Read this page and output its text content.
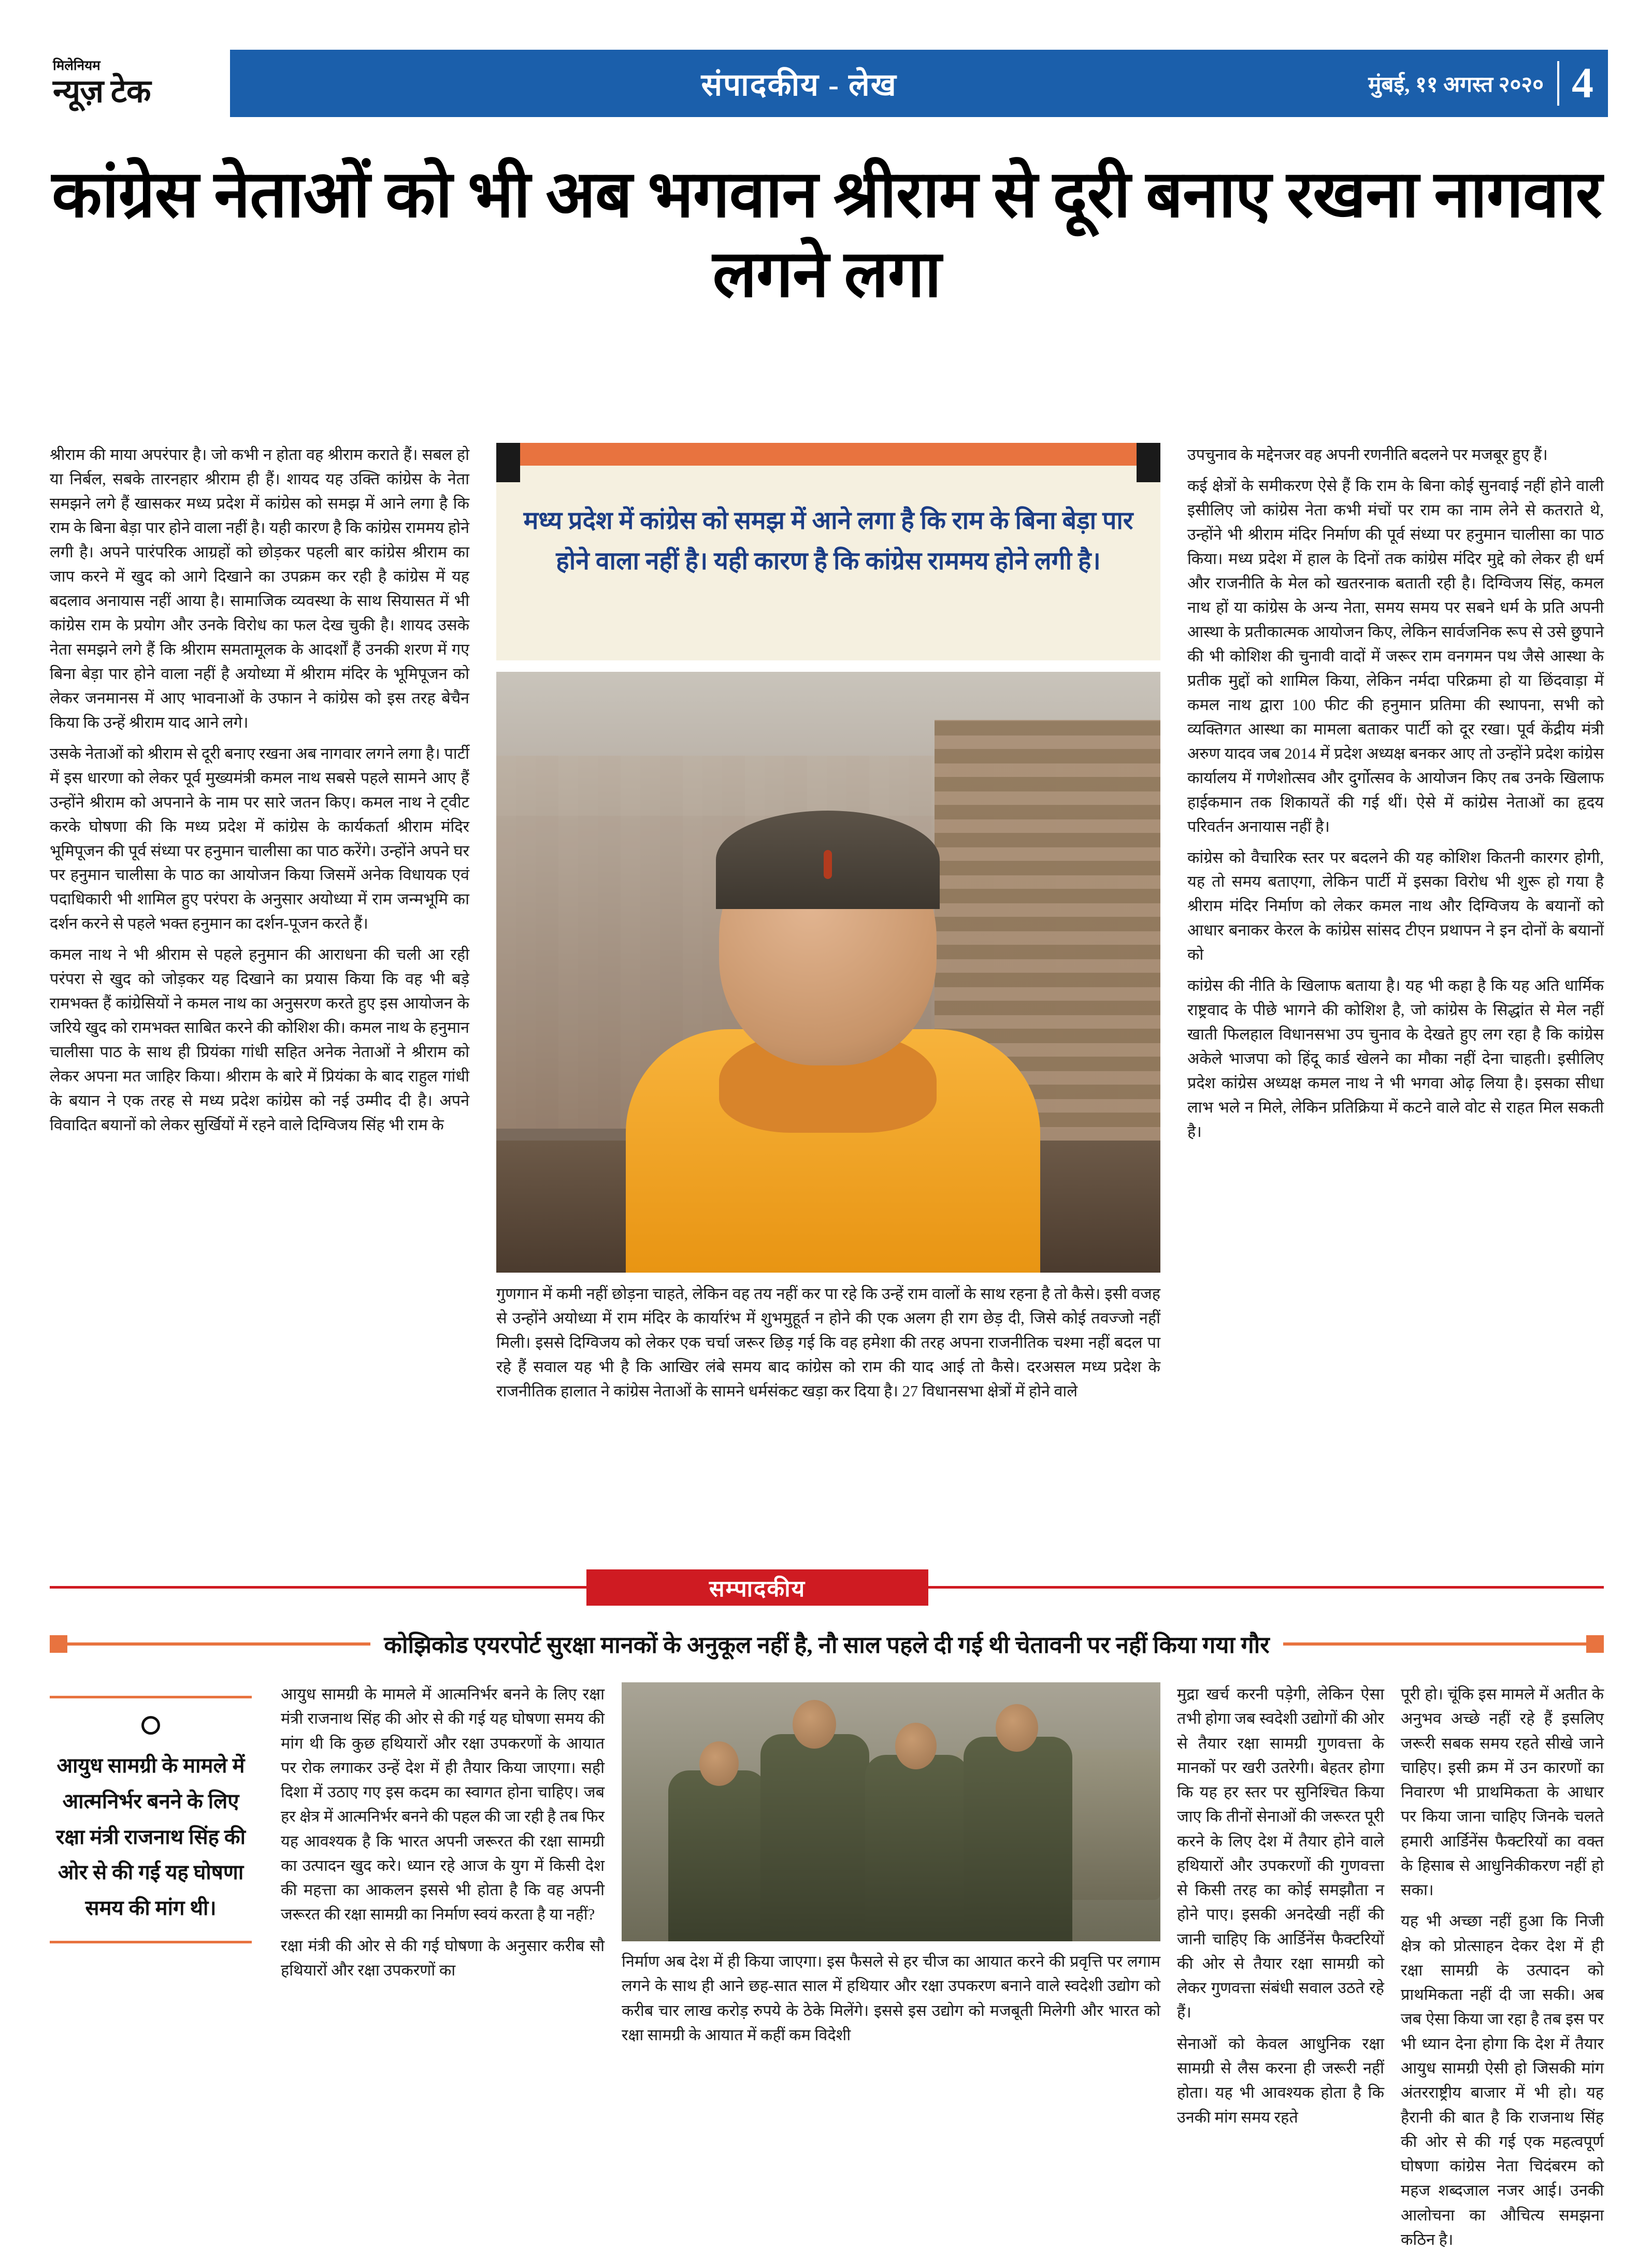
मिलेनियम
न्यूज़ टेक	संपादकीय - लेख	मुंबई, ११ अगस्त २०२० 4
कांग्रेस नेताओं को भी अब भगवान श्रीराम से दूरी बनाए रखना नागवार लगने लगा

श्रीराम की माया अपरंपार है। जो कभी न होता वह श्रीराम कराते हैं। सबल हो या निर्बल, सबके तारनहार श्रीराम ही हैं। शायद यह उक्ति कांग्रेस के नेता समझने लगे हैं खासकर मध्य प्रदेश में कांग्रेस को समझ में आने लगा है कि राम के बिना बेड़ा पार होने वाला नहीं है। यही कारण है कि कांग्रेस राममय होने लगी है। अपने पारंपरिक आग्रहों को छोड़कर पहली बार कांग्रेस श्रीराम का जाप करने में खुद को आगे दिखाने का उपक्रम कर रही है कांग्रेस में यह बदलाव अनायास नहीं आया है। सामाजिक व्यवस्था के साथ सियासत में भी कांग्रेस राम के प्रयोग और उनके विरोध का फल देख चुकी है। शायद उसके नेता समझने लगे हैं कि श्रीराम समतामूलक के आदर्शों हैं उनकी शरण में गए बिना बेड़ा पार होने वाला नहीं है अयोध्या में श्रीराम मंदिर के भूमिपूजन को लेकर जनमानस में आए भावनाओं के उफान ने कांग्रेस को इस तरह बेचैन किया कि उन्हें श्रीराम याद आने लगे।

उसके नेताओं को श्रीराम से दूरी बनाए रखना अब नागवार लगने लगा है। पार्टी में इस धारणा को लेकर पूर्व मुख्यमंत्री कमल नाथ सबसे पहले सामने आए हैं उन्होंने श्रीराम को अपनाने के नाम पर सारे जतन किए। कमल नाथ ने ट्वीट करके घोषणा की कि मध्य प्रदेश में कांग्रेस के कार्यकर्ता श्रीराम मंदिर भूमिपूजन की पूर्व संध्या पर हनुमान चालीसा का पाठ करेंगे। उन्होंने अपने घर पर हनुमान चालीसा के पाठ का आयोजन किया जिसमें अनेक विधायक एवं पदाधिकारी भी शामिल हुए परंपरा के अनुसार अयोध्या में राम जन्मभूमि का दर्शन करने से पहले भक्त हनुमान का दर्शन-पूजन करते हैं।

कमल नाथ ने भी श्रीराम से पहले हनुमान की आराधना की चली आ रही परंपरा से खुद को जोड़कर यह दिखाने का प्रयास किया कि वह भी बड़े रामभक्त हैं कांग्रेसियों ने कमल नाथ का अनुसरण करते हुए इस आयोजन के जरिये खुद को रामभक्त साबित करने की कोशिश की। कमल नाथ के हनुमान चालीसा पाठ के साथ ही प्रियंका गांधी सहित अनेक नेताओं ने श्रीराम को लेकर अपना मत जाहिर किया। श्रीराम के बारे में प्रियंका के बाद राहुल गांधी के बयान ने एक तरह से मध्य प्रदेश कांग्रेस को नई उम्मीद दी है। अपने विवादित बयानों को लेकर सुर्खियों में रहने वाले दिग्विजय सिंह भी राम के

मध्य प्रदेश में कांग्रेस को समझ में आने लगा है कि राम के बिना बेड़ा पार होने वाला नहीं है। यही कारण है कि कांग्रेस राममय होने लगी है।

गुणगान में कमी नहीं छोड़ना चाहते, लेकिन वह तय नहीं कर पा रहे कि उन्हें राम वालों के साथ रहना है तो कैसे। इसी वजह से उन्होंने अयोध्या में राम मंदिर के कार्यारंभ में शुभमुहूर्त न होने की एक अलग ही राग छेड़ दी, जिसे कोई तवज्जो नहीं मिली। इससे दिग्विजय को लेकर एक चर्चा जरूर छिड़ गई कि वह हमेशा की तरह अपना राजनीतिक चश्मा नहीं बदल पा रहे हैं सवाल यह भी है कि आखिर लंबे समय बाद कांग्रेस को राम की याद आई तो कैसे। दरअसल मध्य प्रदेश के राजनीतिक हालात ने कांग्रेस नेताओं के सामने धर्मसंकट खड़ा कर दिया है। 27 विधानसभा क्षेत्रों में होने वाले

उपचुनाव के मद्देनजर वह अपनी रणनीति बदलने पर मजबूर हुए हैं।

कई क्षेत्रों के समीकरण ऐसे हैं कि राम के बिना कोई सुनवाई नहीं होने वाली इसीलिए जो कांग्रेस नेता कभी मंचों पर राम का नाम लेने से कतराते थे, उन्होंने भी श्रीराम मंदिर निर्माण की पूर्व संध्या पर हनुमान चालीसा का पाठ किया। मध्य प्रदेश में हाल के दिनों तक कांग्रेस मंदिर मुद्दे को लेकर ही धर्म और राजनीति के मेल को खतरनाक बताती रही है। दिग्विजय सिंह, कमल नाथ हों या कांग्रेस के अन्य नेता, समय समय पर सबने धर्म के प्रति अपनी आस्था के प्रतीकात्मक आयोजन किए, लेकिन सार्वजनिक रूप से उसे छुपाने की भी कोशिश की चुनावी वादों में जरूर राम वनगमन पथ जैसे आस्था के प्रतीक मुद्दों को शामिल किया, लेकिन नर्मदा परिक्रमा हो या छिंदवाड़ा में कमल नाथ द्वारा 100 फीट की हनुमान प्रतिमा की स्थापना, सभी को व्यक्तिगत आस्था का मामला बताकर पार्टी को दूर रखा। पूर्व केंद्रीय मंत्री अरुण यादव जब 2014 में प्रदेश अध्यक्ष बनकर आए तो उन्होंने प्रदेश कांग्रेस कार्यालय में गणेशोत्सव और दुर्गोत्सव के आयोजन किए तब उनके खिलाफ हाईकमान तक शिकायतें की गई थीं। ऐसे में कांग्रेस नेताओं का हृदय परिवर्तन अनायास नहीं है।

कांग्रेस को वैचारिक स्तर पर बदलने की यह कोशिश कितनी कारगर होगी, यह तो समय बताएगा, लेकिन पार्टी में इसका विरोध भी शुरू हो गया है श्रीराम मंदिर निर्माण को लेकर कमल नाथ और दिग्विजय के बयानों को आधार बनाकर केरल के कांग्रेस सांसद टीएन प्रथापन ने इन दोनों के बयानों को

कांग्रेस की नीति के खिलाफ बताया है। यह भी कहा है कि यह अति धार्मिक राष्ट्रवाद के पीछे भागने की कोशिश है, जो कांग्रेस के सिद्धांत से मेल नहीं खाती फिलहाल विधानसभा उप चुनाव के देखते हुए लग रहा है कि कांग्रेस अकेले भाजपा को हिंदू कार्ड खेलने का मौका नहीं देना चाहती। इसीलिए प्रदेश कांग्रेस अध्यक्ष कमल नाथ ने भी भगवा ओढ़ लिया है। इसका सीधा लाभ भले न मिले, लेकिन प्रतिक्रिया में कटने वाले वोट से राहत मिल सकती है।

सम्पादकीय
कोझिकोड एयरपोर्ट सुरक्षा मानकों के अनुकूल नहीं है, नौ साल पहले दी गई थी चेतावनी पर नहीं किया गया गौर
आयुध सामग्री के मामले में आत्मनिर्भर बनने के लिए रक्षा मंत्री राजनाथ सिंह की ओर से की गई यह घोषणा समय की मांग थी।

आयुध सामग्री के मामले में आत्मनिर्भर बनने के लिए रक्षा मंत्री राजनाथ सिंह की ओर से की गई यह घोषणा समय की मांग थी कि कुछ हथियारों और रक्षा उपकरणों के आयात पर रोक लगाकर उन्हें देश में ही तैयार किया जाएगा। सही दिशा में उठाए गए इस कदम का स्वागत होना चाहिए। जब हर क्षेत्र में आत्मनिर्भर बनने की पहल की जा रही है तब फिर यह आवश्यक है कि भारत अपनी जरूरत की रक्षा सामग्री का उत्पादन खुद करे। ध्यान रहे आज के युग में किसी देश की महत्ता का आकलन इससे भी होता है कि वह अपनी जरूरत की रक्षा सामग्री का निर्माण स्वयं करता है या नहीं?

रक्षा मंत्री की ओर से की गई घोषणा के अनुसार करीब सौ हथियारों और रक्षा उपकरणों का	निर्माण अब देश में ही किया जाएगा। इस फैसले से हर चीज का आयात करने की प्रवृत्ति पर लगाम लगने के साथ ही आने छह-सात साल में हथियार और रक्षा उपकरण बनाने वाले स्वदेशी उद्योग को करीब चार लाख करोड़ रुपये के ठेके मिलेंगे। इससे इस उद्योग को मजबूती मिलेगी और भारत को रक्षा सामग्री के आयात में कहीं कम विदेशी

मुद्रा खर्च करनी पड़ेगी, लेकिन ऐसा तभी होगा जब स्वदेशी उद्योगों की ओर से तैयार रक्षा सामग्री गुणवत्ता के मानकों पर खरी उतरेगी। बेहतर होगा कि यह हर स्तर पर सुनिश्चित किया जाए कि तीनों सेनाओं की जरूरत पूरी करने के लिए देश में तैयार होने वाले हथियारों और उपकरणों की गुणवत्ता से किसी तरह का कोई समझौता न होने पाए। इसकी अनदेखी नहीं की जानी चाहिए कि आर्डिनेंस फैक्टरियों की ओर से तैयार रक्षा सामग्री को लेकर गुणवत्ता संबंधी सवाल उठते रहे हैं।

सेनाओं को केवल आधुनिक रक्षा सामग्री से लैस करना ही जरूरी नहीं होता। यह भी आवश्यक होता है कि उनकी मांग समय रहते

पूरी हो। चूंकि इस मामले में अतीत के अनुभव अच्छे नहीं रहे हैं इसलिए जरूरी सबक समय रहते सीखे जाने चाहिए। इसी क्रम में उन कारणों का निवारण भी प्राथमिकता के आधार पर किया जाना चाहिए जिनके चलते हमारी आर्डिनेंस फैक्टरियों का वक्त के हिसाब से आधुनिकीकरण नहीं हो सका।

यह भी अच्छा नहीं हुआ कि निजी क्षेत्र को प्रोत्साहन देकर देश में ही रक्षा सामग्री के उत्पादन को प्राथमिकता नहीं दी जा सकी। अब जब ऐसा किया जा रहा है तब इस पर भी ध्यान देना होगा कि देश में तैयार आयुध सामग्री ऐसी हो जिसकी मांग अंतरराष्ट्रीय बाजार में भी हो। यह हैरानी की बात है कि राजनाथ सिंह की ओर से की गई एक महत्वपूर्ण घोषणा कांग्रेस नेता चिदंबरम को महज शब्दजाल नजर आई। उनकी आलोचना का औचित्य समझना कठिन है।
